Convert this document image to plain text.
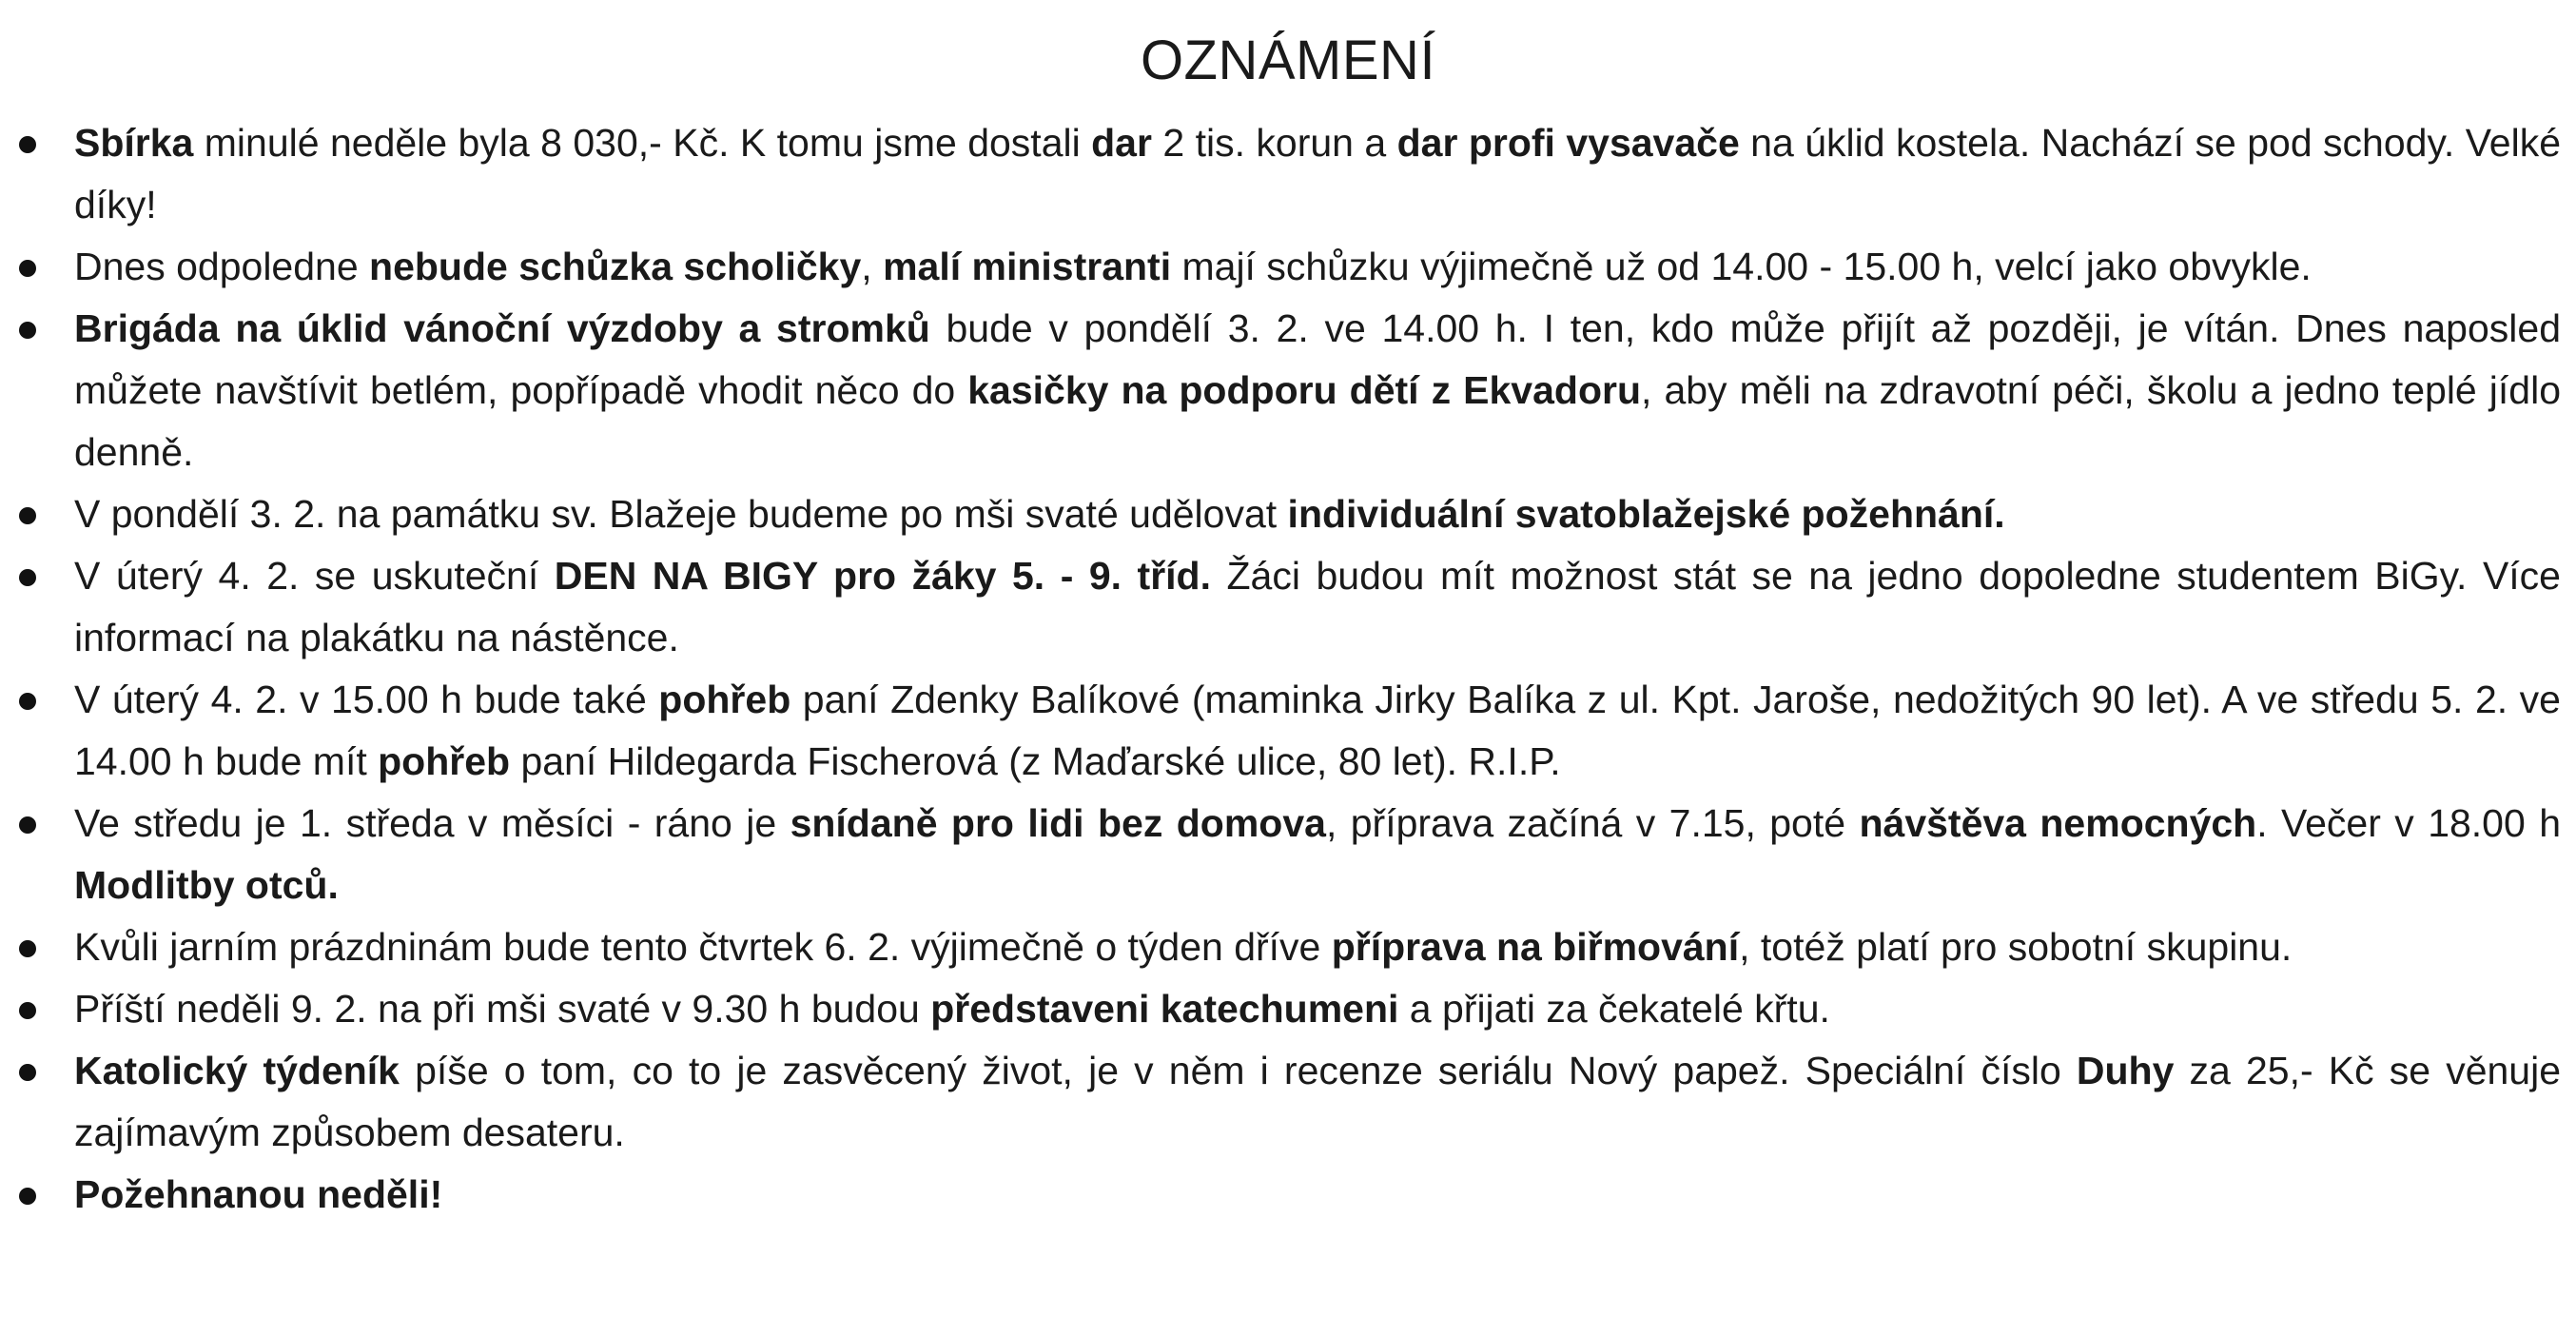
OZNÁMENÍ
Sbírka minulé neděle byla 8 030,- Kč. K tomu jsme dostali dar 2 tis. korun a dar profi vysavače na úklid kostela. Nachází se pod schody. Velké díky!
Dnes odpoledne nebude schůzka scholičky, malí ministranti mají schůzku výjimečně už od 14.00 - 15.00 h, velcí jako obvykle.
Brigáda na úklid vánoční výzdoby a stromků bude v pondělí 3. 2. ve 14.00 h. I ten, kdo může přijít až později, je vítán. Dnes naposled můžete navštívit betlém, popřípadě vhodit něco do kasičky na podporu dětí z Ekvadoru, aby měli na zdravotní péči, školu a jedno teplé jídlo denně.
V pondělí 3. 2. na památku sv. Blažeje budeme po mši svaté udělovat individuální svatoblažejské požehnání.
V úterý 4. 2. se uskuteční DEN NA BIGY pro žáky 5. - 9. tříd. Žáci budou mít možnost stát se na jedno dopoledne studentem BiGy. Více informací na plakátku na nástěnce.
V úterý 4. 2. v 15.00 h bude také pohřeb paní Zdenky Balíkové (maminka Jirky Balíka z ul. Kpt. Jaroše, nedožitých 90 let). A ve středu 5. 2. ve 14.00 h bude mít pohřeb paní Hildegarda Fischerová (z Maďarské ulice, 80 let). R.I.P.
Ve středu je 1. středa v měsíci - ráno je snídaně pro lidi bez domova, příprava začíná v 7.15, poté návštěva nemocných. Večer v 18.00 h Modlitby otců.
Kvůli jarním prázdninám bude tento čtvrtek 6. 2. výjimečně o týden dříve příprava na biřmování, totéž platí pro sobotní skupinu.
Příští neděli 9. 2. na při mši svaté v 9.30 h budou představeni katechumeni a přijati za čekatelé křtu.
Katolický týdeník píše o tom, co to je zasvěcený život, je v něm i recenze seriálu Nový papež. Speciální číslo Duhy za 25,- Kč se věnuje zajímavým způsobem desateru.
Požehnanou neděli!
